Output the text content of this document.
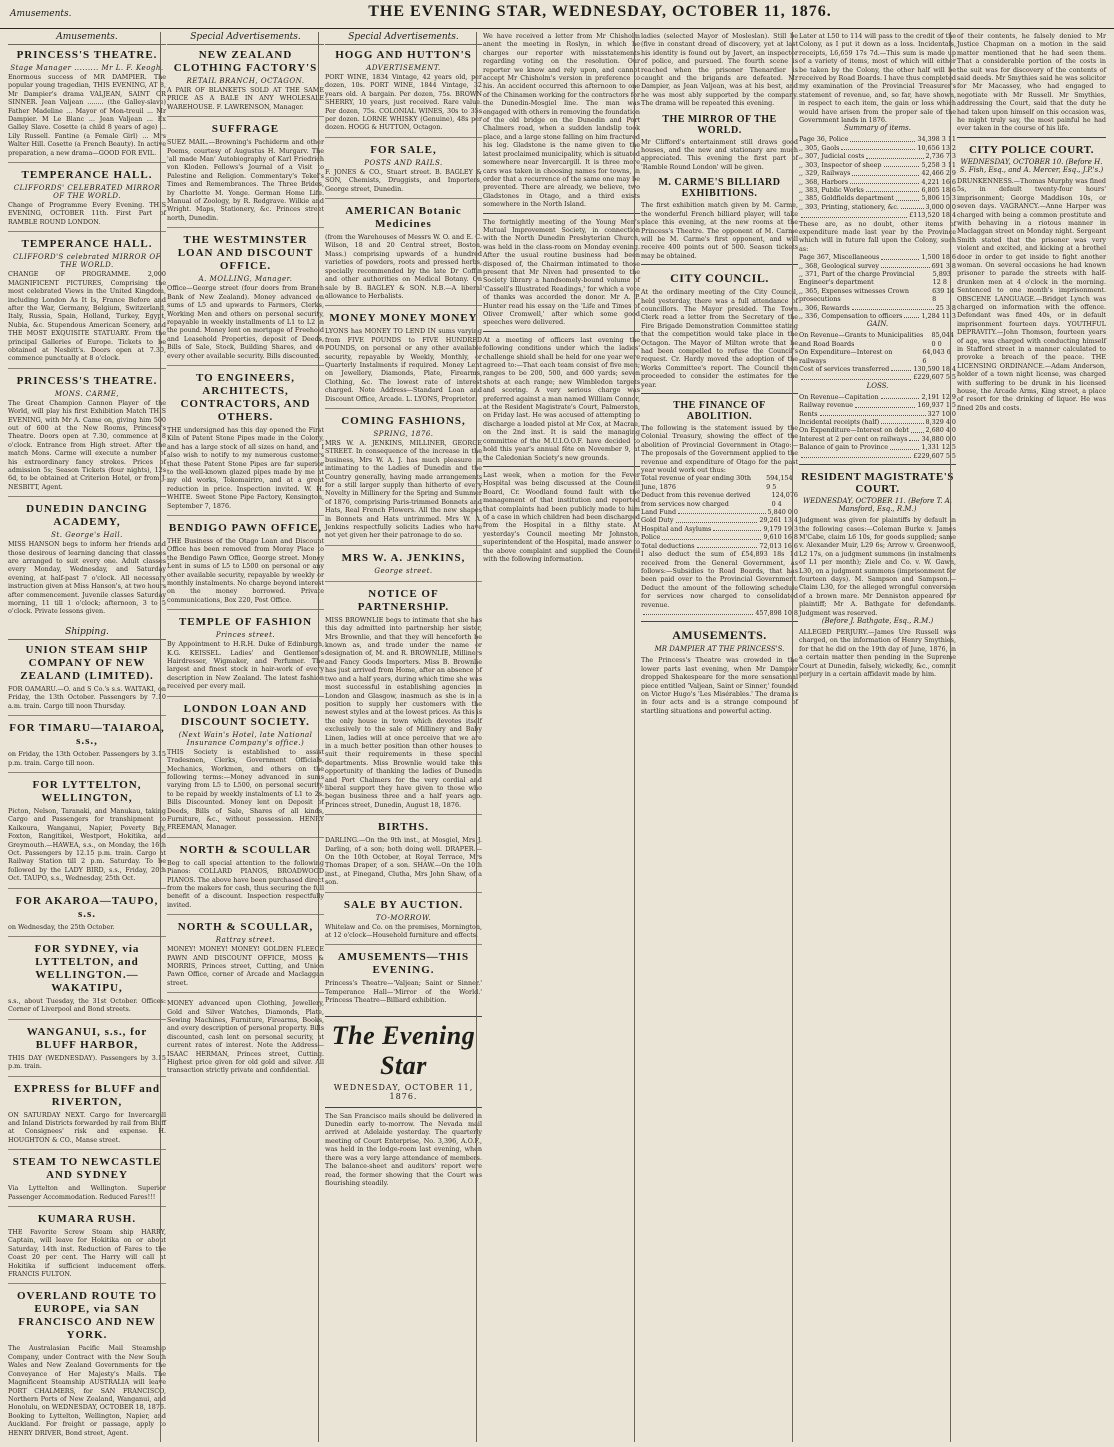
Amusements.	THE EVENING STAR, WEDNESDAY, OCTOBER 11, 1876.
Amusements.
PRINCESS'S THEATRE.
Stage Manager ......... Mr L. F. Keogh.
Enormous success of MR DAMPIER. The popular young tragedian, THIS EVENING, AT 8, Mr Dampier's drama VALJEAN, SAINT OR SINNER. Jean Valjean ........ (the Galley-slave) Father Madeline ... Mayor of Mon-treuil ... Mr Dampier. M Le Blanc ... Jean Valjean ... Ex Galley Slave. Cosette (a child 8 years of age) ... Lily Russell. Fantine (a Female Girl) ... Mrs Walter Hill. Cosette (a French Beauty). In active preparation, a new drama—GOOD FOR EVIL.
TEMPERANCE HALL.
CLIFFORDS' CELEBRATED MIRROR OF THE WORLD.
Change of Programme Every Evening. THIS EVENING, OCTOBER 11th. First Part of RAMBLE ROUND LONDON.
TEMPERANCE HALL.
CLIFFORD'S celebrated MIRROR OF THE WORLD.
CHANGE OF PROGRAMME. 2,000 MAGNIFICENT PICTURES, Comprising the most celebrated Views in the United Kingdom, including London As It Is, France Before and after the War, Germany, Belgium, Switzerland, Italy, Russia, Spain, Holland, Turkey, Egypt, Nubia, &c. Stupendous American Scenery, and THE MOST EXQUISITE STATUARY. From the principal Galleries of Europe. Tickets to be obtained at Nesbitt's. Doors open at 7.30, commence punctually at 8 o'clock.
PRINCESS'S THEATRE.
MONS. CARME,
The Great Champion Cannon Player of the World, will play his first Exhibition Match THIS EVENING, with Mr A. Came on, giving him 500 out of 600 at the New Rooms, Princess's Theatre. Doors open at 7.30, commence at 8 o'clock. Entrance from High street. After the match Mons. Carme will execute a number of his extraordinary fancy strokes. Prices of admission 5s; Season Tickets (four nights), 12s 6d, to be obtained at Criterion Hotel, or from J. NESBITT, Agent.
DUNEDIN DANCING ACADEMY,
St. George's Hall.
MISS HANSON begs to inform her friends and those desirous of learning dancing that classes are arranged to suit every one. Adult classes every Monday, Wednesday, and Saturday evening, at half-past 7 o'clock. All necessary instruction given at Miss Hanson's, at two hours after commencement. Juvenile classes Saturday morning, 11 till 1 o'clock; afternoon, 3 to 5 o'clock. Private lessons given.
Shipping.
UNION STEAM SHIP COMPANY OF NEW ZEALAND (LIMITED).
FOR OAMARU.—O. and S Co.'s s.s. WAITAKI, on Friday, the 13th October. Passengers by 7.10 a.m. train. Cargo till noon Thursday.
FOR TIMARU—TAIAROA, s.s.,
on Friday, the 13th October. Passengers by 3.15 p.m. train. Cargo till noon.
FOR LYTTELTON, WELLINGTON,
Picton, Nelson, Taranaki, and Manukau, taking Cargo and Passengers for transhipment to Kaikoura, Wanganui, Napier, Poverty Bay, Foxton, Rangitikei, Westport, Hokitika, and Greymouth.—HAWEA, s.s., on Monday, the 16th Oct. Passengers by 12.15 p.m. train. Cargo at Railway Station till 2 p.m. Saturday. To be followed by the LADY BIRD, s.s., Friday, 20th Oct. TAUPO, s.s., Wednesday, 25th Oct.
FOR AKAROA—TAUPO, s.s.
on Wednesday, the 25th October.
FOR SYDNEY, via LYTTELTON, and WELLINGTON.—WAKATIPU,
s.s., about Tuesday, the 31st October. Offices: Corner of Liverpool and Bond streets.
WANGANUI, s.s., for BLUFF HARBOR,
THIS DAY (WEDNESDAY). Passengers by 3.15 p.m. train.
EXPRESS for BLUFF and RIVERTON,
ON SATURDAY NEXT. Cargo for Invercargill and Inland Districts forwarded by rail from Bluff at Consignees' risk and expense. H. HOUGHTON & CO., Manse street.
STEAM TO NEWCASTLE AND SYDNEY
Via Lyttelton and Wellington. Superior Passenger Accommodation. Reduced Fares!!!
KUMARA RUSH.
THE Favorite Screw Steam ship HARRY, Captain, will leave for Hokitika on or about Saturday, 14th inst. Reduction of Fares to the Coast 20 per cent. The Harry will call at Hokitika if sufficient inducement offers. FRANCIS FULTON.
OVERLAND ROUTE TO EUROPE, via SAN FRANCISCO AND NEW YORK.
The Australasian Pacific Mail Steamship Company, under Contract with the New South Wales and New Zealand Governments for the Conveyance of Her Majesty's Mails. The Magnificent Steamship AUSTRALIA will leave PORT CHALMERS, for SAN FRANCISCO, Northern Ports of New Zealand, Wanganui, and Honolulu, on WEDNESDAY, OCTOBER 18, 1876. Booking to Lyttelton, Wellington, Napier, and Auckland. For freight or passage, apply to HENRY DRIVER, Bond street, Agent.
Special Advertisements.
NEW ZEALAND CLOTHING FACTORY'S
RETAIL BRANCH, OCTAGON.
A PAIR OF BLANKETS SOLD AT THE SAME PRICE AS A BALE IN ANY WHOLESALE WAREHOUSE. F. LAWRENSON, Manager.
SUFFRAGE
SUEZ MAIL.—Browning's Pachiderm and other Poems, courtesy of Augustus H. Murgarv. The 'all made Man' Autobiography of Karl Friedrich von Kloden. Fellows's Journal of a Visit to Palestine and Religion. Commentary's Tekel's Times and Remembrances. The Three Brides, by Charlotte M. Yonge. German Home Life. Manual of Zoology, by R. Redgrave. Wilkie and Wright. Maps, Stationery, &c. Princes street north, Dunedin.
THE WESTMINSTER LOAN AND DISCOUNT OFFICE.
A. MOLLING, Manager.
Office—George street (four doors from Branch Bank of New Zealand). Money advanced on sums of L5 and upwards to Farmers, Clerks, Working Men and others on personal security, repayable in weekly installments of L1 to L2 in the pound. Money lent on mortgage of Freehold and Leasehold Properties, deposit of Deeds, Bills of Sale, Stock, Building Shares, and on every other available security. Bills discounted.
TO ENGINEERS, ARCHITECTS, CONTRACTORS, AND OTHERS.
THE undersigned has this day opened the First Kiln of Patent Stone Pipes made in the Colony, and has a large stock of all sizes on hand, and I also wish to notify to my numerous customers that these Patent Stone Pipes are far superior to the well-known glazed pipes made by me at my old works, Tokomairiro, and at a great reduction in price. Inspection invited. W. H. WHITE. Sweet Stone Pipe Factory, Kensington, September 7, 1876.
BENDIGO PAWN OFFICE,
THE Business of the Otago Loan and Discount Office has been removed from Moray Place to the Bendigo Pawn Office, George street. Money Lent in sums of L5 to L500 on personal or any other available security, repayable by weekly or monthly instalments. No charge beyond interest on the money borrowed. Private communications, Box 220, Post Office.
TEMPLE OF FASHION
Princes street.
By Appointment to H.R.H. Duke of Edinburgh, K.G. KEISSEL. Ladies' and Gentlemen's Hairdresser, Wigmaker, and Perfumer. The largest and finest stock in hair-work of every description in New Zealand. The latest fashion received per every mail.
LONDON LOAN AND DISCOUNT SOCIETY.
(Next Wain's Hotel, late National Insurance Company's office.)
THIS Society is established to assist Tradesmen, Clerks, Government Officials, Mechanics, Workmen, and others on the following terms:—Money advanced in sums varying from L5 to L500, on personal security, to be repaid by weekly instalments of L1 to 2s. Bills Discounted. Money lent on Deposit of Deeds, Bills of Sale, Shares of all kinds, Furniture, &c., without possession. HENRY FREEMAN, Manager.
NORTH & SCOULLAR
Beg to call special attention to the following Pianos: COLLARD PIANOS, BROADWOOD PIANOS. The above have been purchased direct from the makers for cash, thus securing the full benefit of a discount. Inspection respectfully invited.
NORTH & SCOULLAR,
Rattray street.
MONEY! MONEY! MONEY! GOLDEN FLEECE PAWN AND DISCOUNT OFFICE, MOSS & MORRIS, Princes street, Cutting, and Union Pawn Office, corner of Arcade and Maclaggan street.
MONEY advanced upon Clothing, Jewellery, Gold and Silver Watches, Diamonds, Plate, Sewing Machines, Furniture, Firearms, Books, and every description of personal property. Bills discounted, cash lent on personal security, at current rates of interest. Note the Address—ISAAC HERMAN, Princes street, Cutting. Highest price given for old gold and silver. All transaction strictly private and confidential.
Special Advertisements.
HOGG AND HUTTON'S
ADVERTISEMENT.
PORT WINE, 1834 Vintage, 42 years old, per dozen, 10s. PORT WINE, 1844 Vintage, 32 years old. A bargain. Per dozen, 75s. BROWN SHERRY, 10 years, just received. Rare value. Per dozen, 75s. COLONIAL WINES, 30s to 35s per dozen. LORNE WHISKY (Genuine), 48s per dozen. HOGG & HUTTON, Octagon.
FOR SALE,
POSTS AND RAILS.
F. JONES & CO., Stuart street. B. BAGLEY & SON, Chemists, Druggists, and Importers, George street, Dunedin.
AMERICAN Botanic Medicines
(from the Warehouses of Messrs W. O. and E. C. Wilson, 18 and 20 Central street, Boston, Mass.) comprising upwards of a hundred varieties of powders, roots and pressed herbs, specially recommended by the late Dr Coffin and other authorities on Medical Botany. On sale by B. BAGLEY & SON. N.B.—A liberal allowance to Herbalists.
MONEY MONEY MONEY
LYONS has MONEY TO LEND IN sums varying from FIVE POUNDS to FIVE HUNDRED POUNDS, on personal or any other available security, repayable by Weekly, Monthly, or Quarterly Instalments if required. Money Lent on Jewellery, Diamonds, Plate, Firearms, Clothing, &c. The lowest rate of interest charged. Note Address—Standard Loan and Discount Office, Arcade. L. LYONS, Proprietor.
COMING FASHIONS,
SPRING, 1876.
MRS W. A. JENKINS, MILLINER, GEORGE STREET. In consequence of the increase in the business, Mrs W. A. J. has much pleasure in intimating to the Ladies of Dunedin and the Country generally, having made arrangements for a still larger supply than hitherto of every Novelty in Millinery for the Spring and Summer of 1876, comprising Paris-trimmed Bonnets and Hats, Real French Flowers. All the new shapes in Bonnets and Hats untrimmed. Mrs W. A. Jenkins respectfully solicits Ladies who have not yet given her their patronage to do so.
MRS W. A. JENKINS,
George street.
NOTICE OF PARTNERSHIP.
MISS BROWNLIE begs to intimate that she has this day admitted into partnership her sister, Mrs Brownlie, and that they will henceforth be known as, and trade under the name or designation of, M. and R. BROWNLIE, Milliners and Fancy Goods Importers. Miss B. Brownlie has just arrived from Home, after an absence of two and a half years, during which time she was most successful in establishing agencies in London and Glasgow, inasmuch as she is in a position to supply her customers with the newest styles and at the lowest prices. As this is the only house in town which devotes itself exclusively to the sale of Millinery and Baby Linen, ladies will at once perceive that we are in a much better position than other houses to suit their requirements in these special departments. Miss Brownlie would take this opportunity of thanking the ladies of Dunedin and Port Chalmers for the very cordial and liberal support they have given to those who began business three and a half years ago. Princes street, Dunedin, August 18, 1876.
BIRTHS.
DARLING.—On the 9th inst., at Mosgiel, Mrs J. Darling, of a son; both doing well. DRAPER.—On the 10th October, at Royal Terrace, Mrs Thomas Draper, of a son. SHAW.—On the 10th inst., at Finegand, Clutha, Mrs John Shaw, of a son.
SALE BY AUCTION.
TO-MORROW.
Whitelaw and Co. on the premises, Mornington, at 12 o'clock—Household furniture and effects.
AMUSEMENTS—THIS EVENING.
Princess's Theatre—'Valjean; Saint or Sinner.' Temperance Hall—'Mirror of the World.' Princess Theatre—Billiard exhibition.
The Evening Star
WEDNESDAY, OCTOBER 11, 1876.
The San Francisco mails should be delivered in Dunedin early to-morrow. The Nevada mail arrived at Adelaide yesterday. The quarterly meeting of Court Enterprise, No. 3,396, A.O.F., was held in the lodge-room last evening, when there was a very large attendance of members. The balance-sheet and auditors' report were read, the former showing that the Court was flourishing steadily.
We have received a letter from Mr Chisholm anent the meeting in Roslyn, in which he charges our reporter with misstatements regarding voting on the resolution. Our reporter we know and rely upon, and cannot accept Mr Chisholm's version in preference to his. An accident occurred this afternoon to one of the Chinamen working for the contractors for the Dunedin-Mosgiel line. The man was engaged with others in removing the foundation of the old bridge on the Dunedin and Port Chalmers road, when a sudden landslip took place, and a large stone falling on him fractured his leg. Gladstone is the name given to the latest proclaimed municipality, which is situated somewhere near Invercargill. It is three more cars was taken in choosing names for towns, in order that a recurrence of the same one may be prevented. There are already, we believe, two Gladstones in Otago, and a third exists somewhere in the North Island.
The fortnightly meeting of the Young Men's Mutual Improvement Society, in connection with the North Dunedin Presbyterian Church, was held in the class-room on Monday evening. After the usual routine business had been disposed of, the Chairman intimated to those present that Mr Niven had presented to the Society library a handsomely-bound volume of 'Cassell's Illustrated Readings,' for which a vote of thanks was accorded the donor. Mr A. P. Hunter read his essay on the 'Life and Times of Oliver Cromwell,' after which some good speeches were delivered.
At a meeting of officers last evening the following conditions under which the ladies' challenge shield shall be held for one year were agreed to:—That each team consist of five men; ranges to be 200, 500, and 600 yards; seven shots at each range; new Wimbledon targets and scoring. A very serious charge was preferred against a man named William Connor, at the Resident Magistrate's Court, Palmerston, on Friday last. He was accused of attempting to discharge a loaded pistol at Mr Cox, at Macrae, on the 2nd inst. It is said the managing committee of the M.U.I.O.O.F. have decided to hold this year's annual fête on November 9, at the Caledonian Society's new grounds.
Last week, when a motion for the Fever Hospital was being discussed at the Council Board, Cr. Woodland found fault with the management of that institution and reported that complaints had been publicly made to him of a case in which children had been discharged from the Hospital in a filthy state. At yesterday's Council meeting Mr Johnston, superintendent of the Hospital, made answer to the above complaint and supplied the Council with the following information.
ladies (selected Mayor of Mosleslan). Still be (five in constant dread of discovery, yet at last his identity is found out by Javert, an inspector of police, and pursued. The fourth scene is reached when the prisoner Thenardier is caught and the brigands are defeated. Mr Dampier, as Jean Valjean, was at his best, and he was most ably supported by the company. The drama will be repeated this evening.
THE MIRROR OF THE WORLD.
Mr Clifford's entertainment still draws good houses, and the new and stationary are much appreciated. This evening the first part of 'Ramble Round London' will be given.
M. CARME'S BILLIARD EXHIBITIONS.
The first exhibition match given by M. Carme, the wonderful French billiard player, will take place this evening, at the new rooms at the Princess's Theatre. The opponent of M. Carme will be M. Carme's first opponent, and will receive 400 points out of 500. Season tickets may be obtained.
CITY COUNCIL.
At the ordinary meeting of the City Council, held yesterday, there was a full attendance of councillors. The Mayor presided. The Town Clerk read a letter from the Secretary of the Fire Brigade Demonstration Committee stating that the competition would take place in the Octagon. The Mayor of Milton wrote that he had been compelled to refuse the Council's request. Cr. Hardy moved the adoption of the Works Committee's report. The Council then proceeded to consider the estimates for the year.
THE FINANCE OF ABOLITION.
The following is the statement issued by the Colonial Treasury, showing the effect of the abolition of Provincial Government in Otago:—The proposals of the Government applied to the revenue and expenditure of Otago for the past year would work out thus:
Total revenue of year ending 30th June, 1876
594,154 9 5
Deduct from this revenue derived from services now charged
124,076 0 4
Land Fund	5,840 0 0
Gold Duty	29,261 13 4
Hospital and Asylums	9,179 19 3
Police	9,610 16 8
Total deductions	72,013 16 6
I also deduct the sum of £54,893 18s 1d received from the General Government, as follows:—Subsidies to Road Boards, that has been paid over to the Provincial Government. Deduct the amount of the following schedule for services now charged to consolidated revenue.
457,898 10 8
AMUSEMENTS.
MR DAMPIER AT THE PRINCESS'S.
The Princess's Theatre was crowded in the lower parts last evening, when Mr Dampier dropped Shakespeare for the more sensational piece entitled 'Valjean, Saint or Sinner,' founded on Victor Hugo's 'Les Misérables.' The drama is in four acts and is a strange compound of startling situations and powerful acting.
Later at L50 to 114 will pass to the credit of the Colony, as I put it down as a loss. Incidentals, receipts, L6,659 17s 7d.—This sum is made up of a variety of items, most of which will either be taken by the Colony, the other half will be received by Road Boards. I have thus completed my examination of the Provincial Treasurer's statement of revenue, and, so far, have shown, in respect to each item, the gain or loss which would have arisen from the proper sale of the Government lands in 1876.
Summary of items.
Page 36, Police	34,398 3 11
,, 305, Gaols	10,656 13 2
,, 307, Judicial costs	2,736 7 3
,, 303, Inspector of sheep	5,258 3 11
,, 329, Railways	42,466 2 9
,, 368, Harbors	4,221 16 6
,, 383, Public Works	6,805 18 6
,, 385, Goldfields department	5,806 15 3
,, 393, Printing, stationery, &c.	3,000 0 0
£113,520 18 4
These are, as no doubt, other items of expenditure made last year by the Province which will in future fall upon the Colony, such as:
Page 367, Miscellaneous	1,500 18 6
,, 368, Geological survey	691 3 8
,, 371, Part of the charge Provincial Engineer's department
5,893 12 8
,, 365, Expenses witnesses Crown prosecutions
639 14 8
,, 306, Rewards	25 3 8
,, 336, Compensation to officers	1,284 11 3
GAIN.
On Revenue—Grants to Municipalities and Road Boards
85,044 0 0
On Expenditure—Interest on railways
64,043 6 6
Cost of services transferred	130,590 18 4
£229,607 5 5
LOSS.
On Revenue—Capitation	2,191 12 9
Railway revenue	169,937 1 5
Rents	327 10 0
Incidental receipts (half)	8,329 4 0
On Expenditure—Interest on debt	2,680 4 0
Interest at 2 per cent on railways 34,880 0 0
Balance of gain to Province	1,331 12 5
£229,607 5 5
RESIDENT MAGISTRATE'S COURT.
WEDNESDAY, OCTOBER 11. (Before T. A. Mansford, Esq., R.M.)
Judgment was given for plaintiffs by default in the following cases:—Coleman Burke v. James M'Cabe, claim L6 10s, for goods supplied; same v. Alexander Muir, L29 6s; Arrow v. Greenwood, L2 17s, on a judgment summons (in instalments of L1 per month); Ziele and Co. v. W. Gawn, L30, on a judgment summons (imprisonment for fourteen days). M. Sampson and Sampson.—Claim L30, for the alleged wrongful conversion of a brown mare. Mr Denniston appeared for plaintiff; Mr A. Bathgate for defendants. Judgment was reserved.
(Before J. Bathgate, Esq., R.M.)
ALLEGED PERJURY.—James Ure Russell was charged, on the information of Henry Smythies, for that he did on the 19th day of June, 1876, in a certain matter then pending in the Supreme Court at Dunedin, falsely, wickedly, &c., commit perjury in a certain affidavit made by him.
of their contents, he falsely denied to Mr Justice Chapman on a motion in the said matter mentioned that he had seen them. That a considerable portion of the costs in the suit was for discovery of the contents of said deeds. Mr Smythies said he was solicitor for Mr Macassey, who had engaged to negotiate with Mr Russell. Mr Smythies, addressing the Court, said that the duty he had taken upon himself on this occasion was, he might truly say, the most painful he had ever taken in the course of his life.
CITY POLICE COURT.
WEDNESDAY, OCTOBER 10. (Before H. S. Fish, Esq., and A. Mercer, Esq., J.P.'s.)
DRUNKENNESS.—Thomas Murphy was fined 5s, in default twenty-four hours' imprisonment; George Maddison 10s, or seven days. VAGRANCY.—Anne Harper was charged with being a common prostitute and with behaving in a riotous manner in Maclaggan street on Monday night. Sergeant Smith stated that the prisoner was very violent and excited, and kicking at a brothel door in order to get inside to fight another woman. On several occasions he had known prisoner to parade the streets with half-drunken men at 4 o'clock in the morning. Sentenced to one month's imprisonment. OBSCENE LANGUAGE.—Bridget Lynch was charged on information with the offence. Defendant was fined 40s, or in default imprisonment fourteen days. YOUTHFUL DEPRAVITY.—John Thomson, fourteen years of age, was charged with conducting himself in Stafford street in a manner calculated to provoke a breach of the peace. THE LICENSING ORDINANCE.—Adam Anderson, holder of a town night license, was charged with suffering to be drunk in his licensed house, the Arcade Arms, King street, a place of resort for the drinking of liquor. He was fined 20s and costs.
